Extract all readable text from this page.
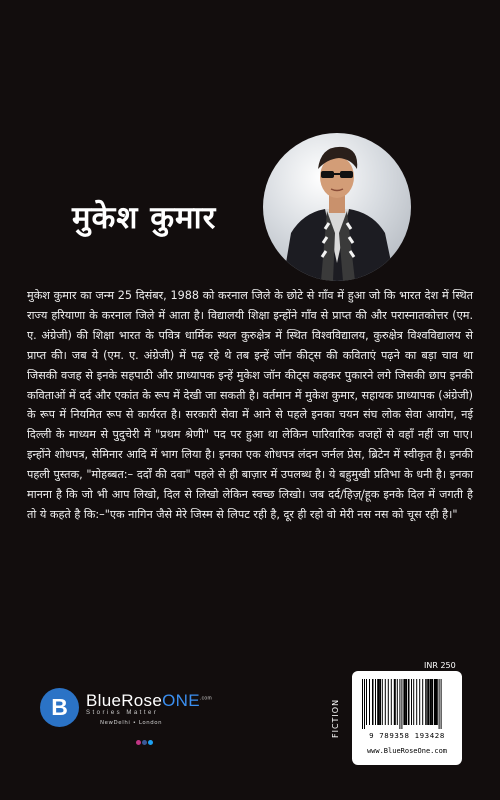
मुकेश कुमार
मुकेश कुमार का जन्म 25 दिसंबर, 1988 को करनाल जिले के छोटे से गाँव में हुआ जो कि भारत देश में स्थित राज्य हरियाणा के करनाल जिले में आता है। विद्यालयी शिक्षा इन्होंने गाँव से प्राप्त की और परास्नातकोत्तर (एम. ए. अंग्रेजी) की शिक्षा भारत के पवित्र धार्मिक स्थल कुरुक्षेत्र में स्थित विश्वविद्यालय, कुरुक्षेत्र विश्वविद्यालय से प्राप्त की। जब ये (एम. ए. अंग्रेजी) में पढ़ रहे थे तब इन्हें जॉन कीट्स की कविताएं पढ़ने का बड़ा चाव था जिसकी वजह से इनके सहपाठी और प्राध्यापक इन्हें मुकेश जॉन कीट्स कहकर पुकारने लगे जिसकी छाप इनकी कविताओं में दर्द और एकांत के रूप में देखी जा सकती है। वर्तमान में मुकेश कुमार, सहायक प्राध्यापक (अंग्रेजी) के रूप में नियमित रूप से कार्यरत है। सरकारी सेवा में आने से पहले इनका चयन संघ लोक सेवा आयोग, नई दिल्ली के माध्यम से पुदुचेरी में "प्रथम श्रेणी" पद पर हुआ था लेकिन पारिवारिक वजहों से वहाँ नहीं जा पाए। इन्होंने शोधपत्र, सेमिनार आदि में भाग लिया है। इनका एक शोधपत्र लंदन जर्नल प्रेस, ब्रिटेन में स्वीकृत है। इनकी पहली पुस्तक, "मोहब्बत:– दर्दों की दवा" पहले से ही बाज़ार में उपलब्ध है। ये बहुमुखी प्रतिभा के धनी है। इनका मानना है कि जो भी आप लिखो, दिल से लिखो लेकिन स्वच्छ लिखो। जब दर्द/हिज़्/हूक इनके दिल में जगती है तो ये कहते है कि:–"एक नागिन जैसे मेरे जिस्म से लिपट रही है, दूर ही रहो वो मेरी नस नस को चूस रही है।"
INR 250
FICTION	9 789358 193428
www.BlueRoseOne.com
B	BlueRoseONE$^{.com}$
Stories Matter
NewDelhi • London
